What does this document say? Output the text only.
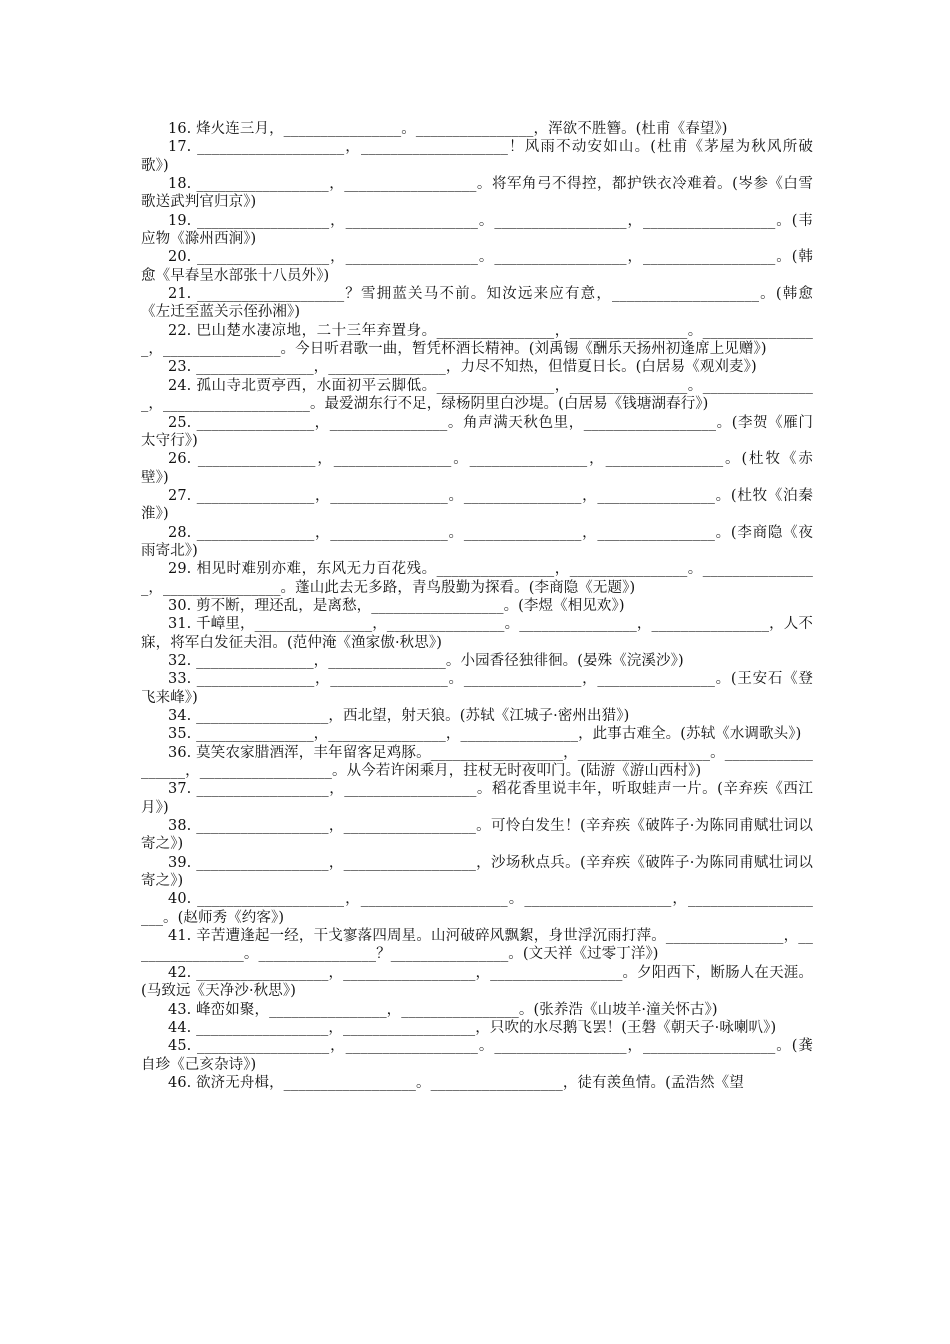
16. 烽火连三月，________________。________________，浑欲不胜簪。(杜甫《春望》)

17. ____________________，____________________！风雨不动安如山。(杜甫《茅屋为秋风所破歌》)

18. __________________，__________________。将军角弓不得控，都护铁衣冷难着。(岑参《白雪歌送武判官归京》)

19. __________________，__________________。__________________，__________________。(韦应物《滁州西涧》)

20. __________________，__________________。__________________，__________________。(韩愈《早春呈水部张十八员外》)

21. ____________________？雪拥蓝关马不前。知汝远来应有意，____________________。(韩愈《左迁至蓝关示侄孙湘》)

22. 巴山楚水凄凉地，二十三年弃置身。________________，________________。________________，________________。今日听君歌一曲，暂凭杯酒长精神。(刘禹锡《酬乐天扬州初逢席上见赠》)

23. ________________，________________，力尽不知热，但惜夏日长。(白居易《观刈麦》)

24. 孤山寺北贾亭西，水面初平云脚低。________________，________________。________________，____________________。最爱湖东行不足，绿杨阴里白沙堤。(白居易《钱塘湖春行》)

25. ________________，________________。角声满天秋色里，__________________。(李贺《雁门太守行》)

26. ________________，________________。________________，________________。(杜牧《赤壁》)

27. ________________，________________。________________，________________。(杜牧《泊秦淮》)

28. ________________，________________。________________，________________。(李商隐《夜雨寄北》)

29. 相见时难别亦难，东风无力百花残。________________，________________。________________，________________。蓬山此去无多路，青鸟殷勤为探看。(李商隐《无题》)

30. 剪不断，理还乱，是离愁，__________________。(李煜《相见欢》)

31. 千嶂里，________________，________________。________________，________________，人不寐，将军白发征夫泪。(范仲淹《渔家傲·秋思》)

32. ________________，________________。小园香径独徘徊。(晏殊《浣溪沙》)

33. ________________，________________。________________，________________。(王安石《登飞来峰》)

34. __________________，西北望，射天狼。(苏轼《江城子·密州出猎》)

35. ________________，________________，________________，此事古难全。(苏轼《水调歌头》)

36. 莫笑农家腊酒浑，丰年留客足鸡豚。__________________，__________________。__________________，__________________。从今若许闲乘月，拄杖无时夜叩门。(陆游《游山西村》)

37. __________________，__________________。稻花香里说丰年，听取蛙声一片。(辛弃疾《西江月》)

38. __________________，__________________。可怜白发生！(辛弃疾《破阵子·为陈同甫赋壮词以寄之》)

39. __________________，__________________，沙场秋点兵。(辛弃疾《破阵子·为陈同甫赋壮词以寄之》)

40. ____________________，____________________。____________________，____________________。(赵师秀《约客》)

41. 辛苦遭逢起一经，干戈寥落四周星。山河破碎风飘絮，身世浮沉雨打萍。________________，________________。________________？________________。(文天祥《过零丁洋》)

42. __________________，__________________，__________________。夕阳西下，断肠人在天涯。(马致远《天净沙·秋思》)

43. 峰峦如聚，________________，________________。(张养浩《山坡羊·潼关怀古》)

44. __________________，__________________，只吹的水尽鹅飞罢！(王磐《朝天子·咏喇叭》)

45. __________________，__________________。__________________，__________________。(龚自珍《己亥杂诗》)

46. 欲济无舟楫，__________________。__________________，徒有羡鱼情。(孟浩然《望
